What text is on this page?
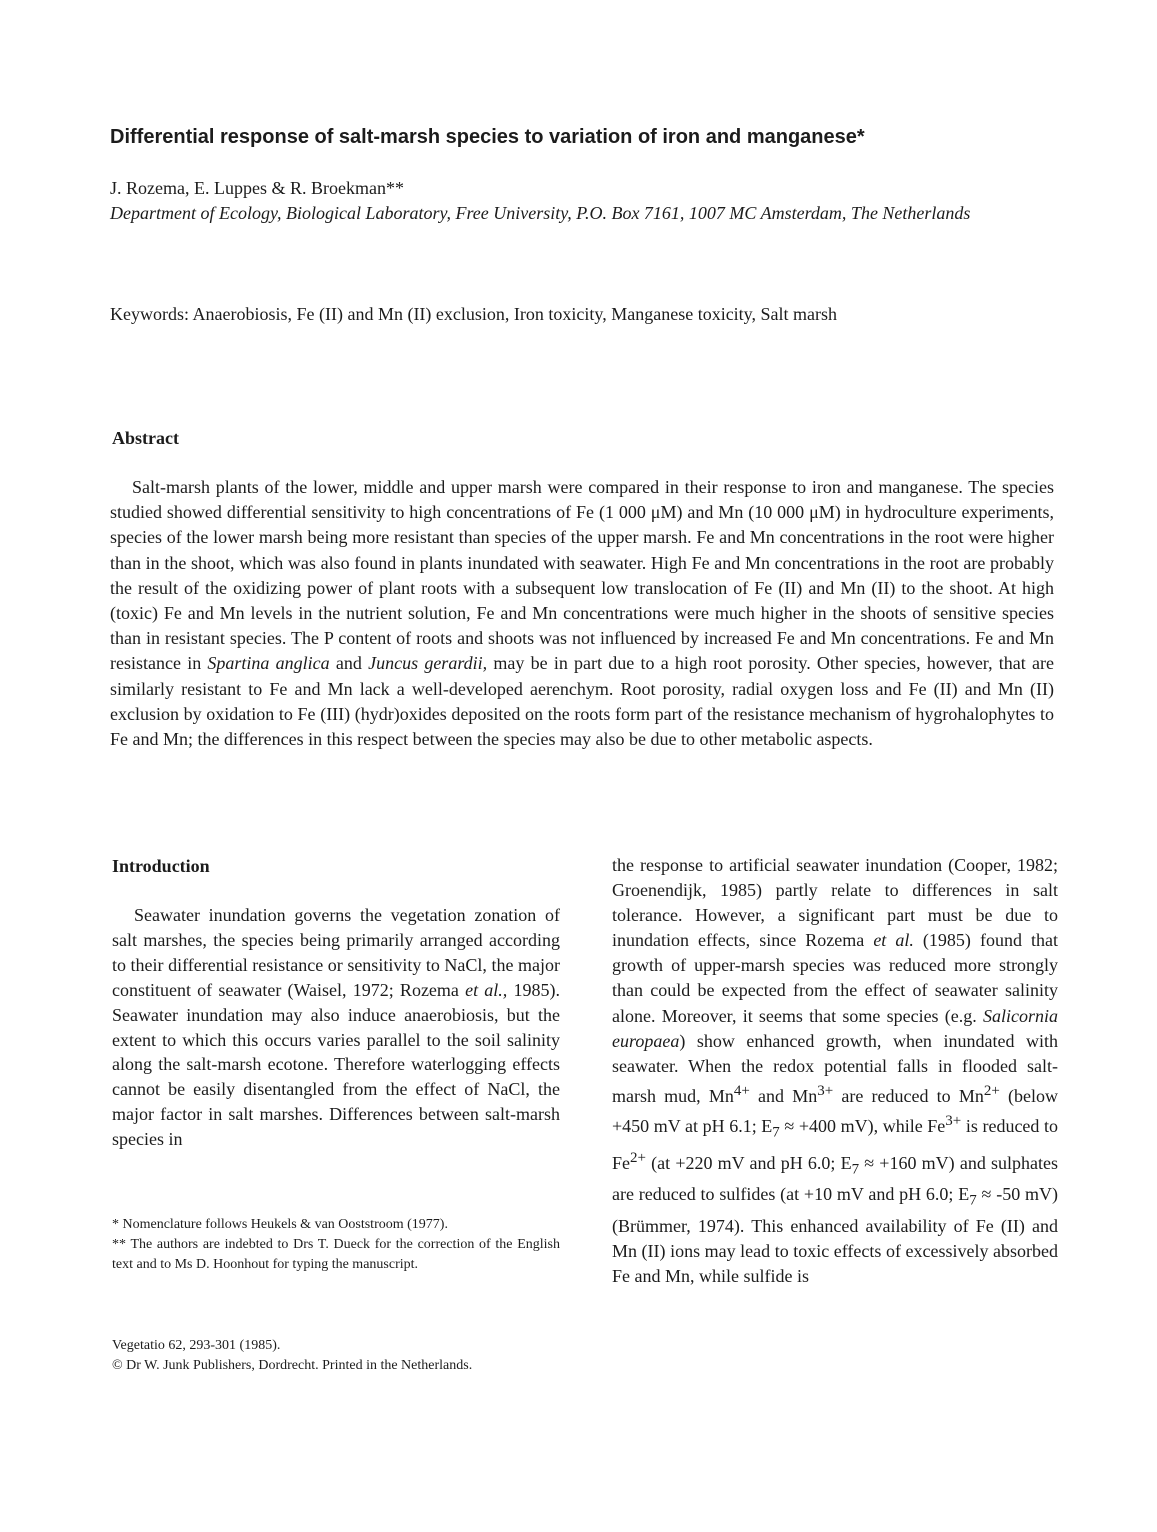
Differential response of salt-marsh species to variation of iron and manganese*
J. Rozema, E. Luppes & R. Broekman**
Department of Ecology, Biological Laboratory, Free University, P.O. Box 7161, 1007 MC Amsterdam, The Netherlands
Keywords: Anaerobiosis, Fe (II) and Mn (II) exclusion, Iron toxicity, Manganese toxicity, Salt marsh
Abstract
Salt-marsh plants of the lower, middle and upper marsh were compared in their response to iron and manganese. The species studied showed differential sensitivity to high concentrations of Fe (1 000 μM) and Mn (10 000 μM) in hydroculture experiments, species of the lower marsh being more resistant than species of the upper marsh. Fe and Mn concentrations in the root were higher than in the shoot, which was also found in plants inundated with seawater. High Fe and Mn concentrations in the root are probably the result of the oxidizing power of plant roots with a subsequent low translocation of Fe (II) and Mn (II) to the shoot. At high (toxic) Fe and Mn levels in the nutrient solution, Fe and Mn concentrations were much higher in the shoots of sensitive species than in resistant species. The P content of roots and shoots was not influenced by increased Fe and Mn concentrations. Fe and Mn resistance in Spartina anglica and Juncus gerardii, may be in part due to a high root porosity. Other species, however, that are similarly resistant to Fe and Mn lack a well-developed aerenchym. Root porosity, radial oxygen loss and Fe (II) and Mn (II) exclusion by oxidation to Fe (III) (hydr)oxides deposited on the roots form part of the resistance mechanism of hygrohalophytes to Fe and Mn; the differences in this respect between the species may also be due to other metabolic aspects.
Introduction
Seawater inundation governs the vegetation zonation of salt marshes, the species being primarily arranged according to their differential resistance or sensitivity to NaCl, the major constituent of seawater (Waisel, 1972; Rozema et al., 1985). Seawater inundation may also induce anaerobiosis, but the extent to which this occurs varies parallel to the soil salinity along the salt-marsh ecotone. Therefore waterlogging effects cannot be easily disentangled from the effect of NaCl, the major factor in salt marshes. Differences between salt-marsh species in
the response to artificial seawater inundation (Cooper, 1982; Groenendijk, 1985) partly relate to differences in salt tolerance. However, a significant part must be due to inundation effects, since Rozema et al. (1985) found that growth of upper-marsh species was reduced more strongly than could be expected from the effect of seawater salinity alone. Moreover, it seems that some species (e.g. Salicornia europaea) show enhanced growth, when inundated with seawater. When the redox potential falls in flooded salt-marsh mud, $Mn^{4+}$ and $Mn^{3+}$ are reduced to $Mn^{2+}$ (below +450 mV at pH 6.1; $E_7 \approx +400$ mV), while $Fe^{3+}$ is reduced to $Fe^{2+}$ (at +220 mV and pH 6.0; $E_7 \approx +160$ mV) and sulphates are reduced to sulfides (at +10 mV and pH 6.0; $E_7 \approx -50$ mV) (Brümmer, 1974). This enhanced availability of Fe (II) and Mn (II) ions may lead to toxic effects of excessively absorbed Fe and Mn, while sulfide is

* Nomenclature follows Heukels & van Ooststroom (1977).

** The authors are indebted to Drs T. Dueck for the correction of the English text and to Ms D. Hoonhout for typing the manuscript.

Vegetatio 62, 293-301 (1985).

© Dr W. Junk Publishers, Dordrecht. Printed in the Netherlands.
